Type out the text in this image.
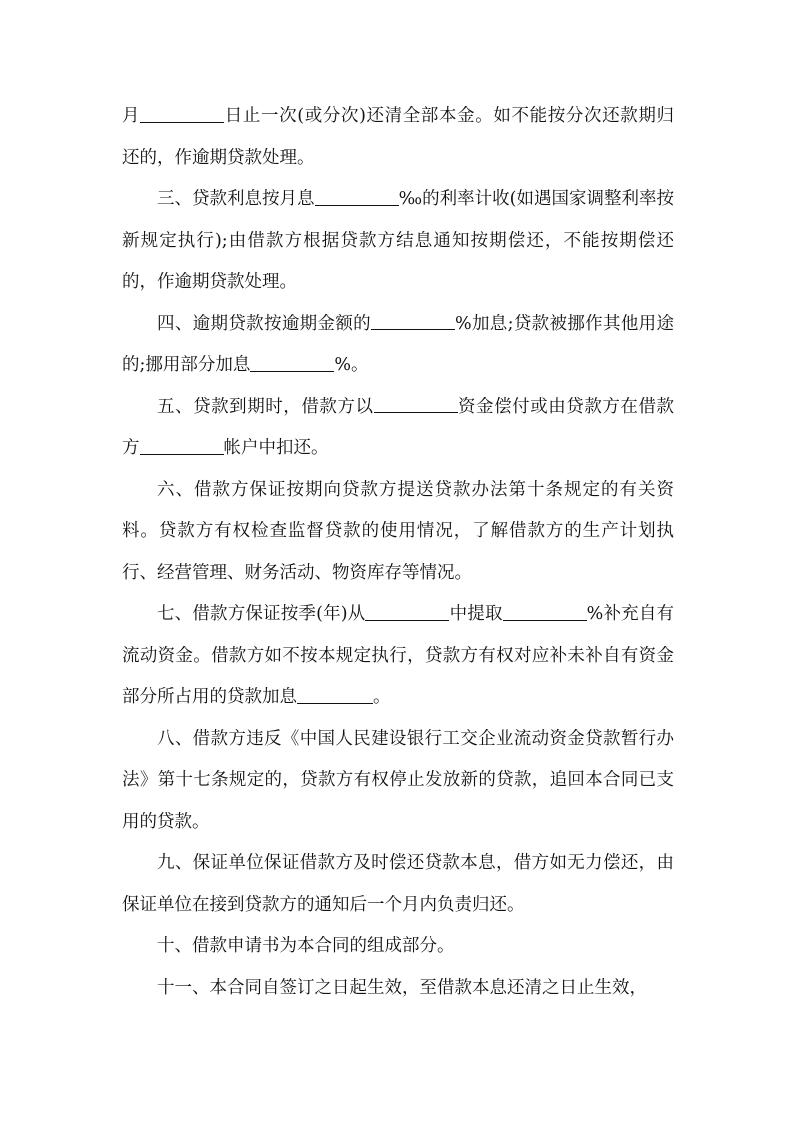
月	日止一次(或分次)还清全部本金。如不能按分次还款期归还的，作逾期贷款处理。

三、贷款利息按月息	‰的利率计收(如遇国家调整利率按新规定执行);由借款方根据贷款方结息通知按期偿还，不能按期偿还的，作逾期贷款处理。

四、逾期贷款按逾期金额的	%加息;贷款被挪作其他用途的;挪用部分加息	%。

五、贷款到期时，借款方以	资金偿付或由贷款方在借款方	帐户中扣还。

六、借款方保证按期向贷款方提送贷款办法第十条规定的有关资料。贷款方有权检查监督贷款的使用情况，了解借款方的生产计划执行、经营管理、财务活动、物资库存等情况。

七、借款方保证按季(年)从	中提取	%补充自有流动资金。借款方如不按本规定执行，贷款方有权对应补未补自有资金部分所占用的贷款加息	。

八、借款方违反《中国人民建设银行工交企业流动资金贷款暂行办法》第十七条规定的，贷款方有权停止发放新的贷款，追回本合同已支用的贷款。

九、保证单位保证借款方及时偿还贷款本息，借方如无力偿还，由保证单位在接到贷款方的通知后一个月内负责归还。

十、借款申请书为本合同的组成部分。

十一、本合同自签订之日起生效，至借款本息还清之日止生效，
